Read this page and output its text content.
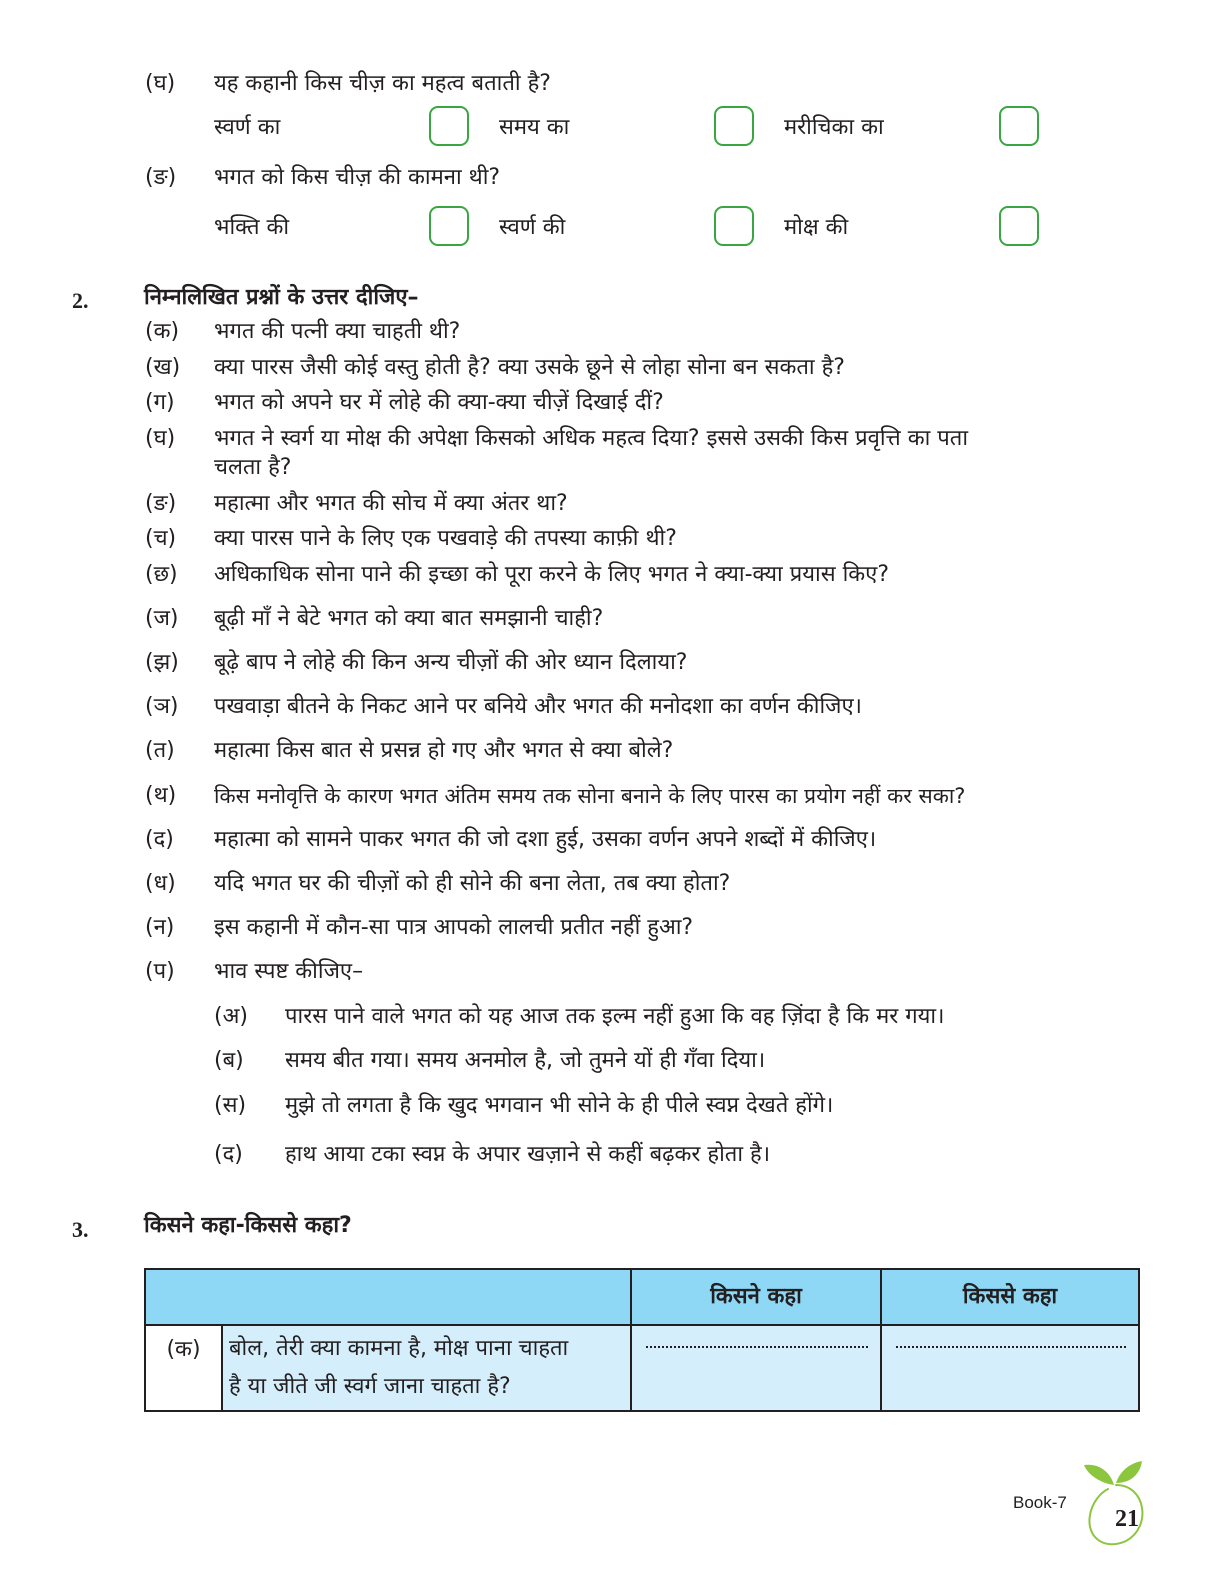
(घ) यह कहानी किस चीज़ का महत्व बताती है?
स्वर्ण का	समय का	मरीचिका का
(ङ) भगत को किस चीज़ की कामना थी?
भक्ति की	स्वर्ण की	मोक्ष की
2.	निम्नलिखित प्रश्नों के उत्तर दीजिए–
(क) भगत की पत्नी क्या चाहती थी?
(ख) क्या पारस जैसी कोई वस्तु होती है? क्या उसके छूने से लोहा सोना बन सकता है?
(ग) भगत को अपने घर में लोहे की क्या-क्या चीज़ें दिखाई दीं?
(घ) भगत ने स्वर्ग या मोक्ष की अपेक्षा किसको अधिक महत्व दिया? इससे उसकी किस प्रवृत्ति का पता
चलता है?
(ङ) महात्मा और भगत की सोच में क्या अंतर था?
(च) क्या पारस पाने के लिए एक पखवाड़े की तपस्या काफ़ी थी?
(छ) अधिकाधिक सोना पाने की इच्छा को पूरा करने के लिए भगत ने क्या-क्या प्रयास किए?
(ज) बूढ़ी माँ ने बेटे भगत को क्या बात समझानी चाही?
(झ) बूढ़े बाप ने लोहे की किन अन्य चीज़ों की ओर ध्यान दिलाया?
(ञ) पखवाड़ा बीतने के निकट आने पर बनिये और भगत की मनोदशा का वर्णन कीजिए।
(त) महात्मा किस बात से प्रसन्न हो गए और भगत से क्या बोले?
(थ) किस मनोवृत्ति के कारण भगत अंतिम समय तक सोना बनाने के लिए पारस का प्रयोग नहीं कर सका?
(द) महात्मा को सामने पाकर भगत की जो दशा हुई, उसका वर्णन अपने शब्दों में कीजिए।
(ध) यदि भगत घर की चीज़ों को ही सोने की बना लेता, तब क्या होता?
(न) इस कहानी में कौन-सा पात्र आपको लालची प्रतीत नहीं हुआ?
(प) भाव स्पष्ट कीजिए–
(अ) पारस पाने वाले भगत को यह आज तक इल्म नहीं हुआ कि वह ज़िंदा है कि मर गया।
(ब) समय बीत गया। समय अनमोल है, जो तुमने यों ही गँवा दिया।
(स) मुझे तो लगता है कि खुद भगवान भी सोने के ही पीले स्वप्न देखते होंगे।
(द) हाथ आया टका स्वप्न के अपार खज़ाने से कहीं बढ़कर होता है।
3.	किसने कहा-किससे कहा?
		किसने कहा	किससे कहा
(क)	बोल, तेरी क्या कामना है, मोक्ष पाना चाहता
है या जीते जी स्वर्ग जाना चाहता है?		

Book-7
21
